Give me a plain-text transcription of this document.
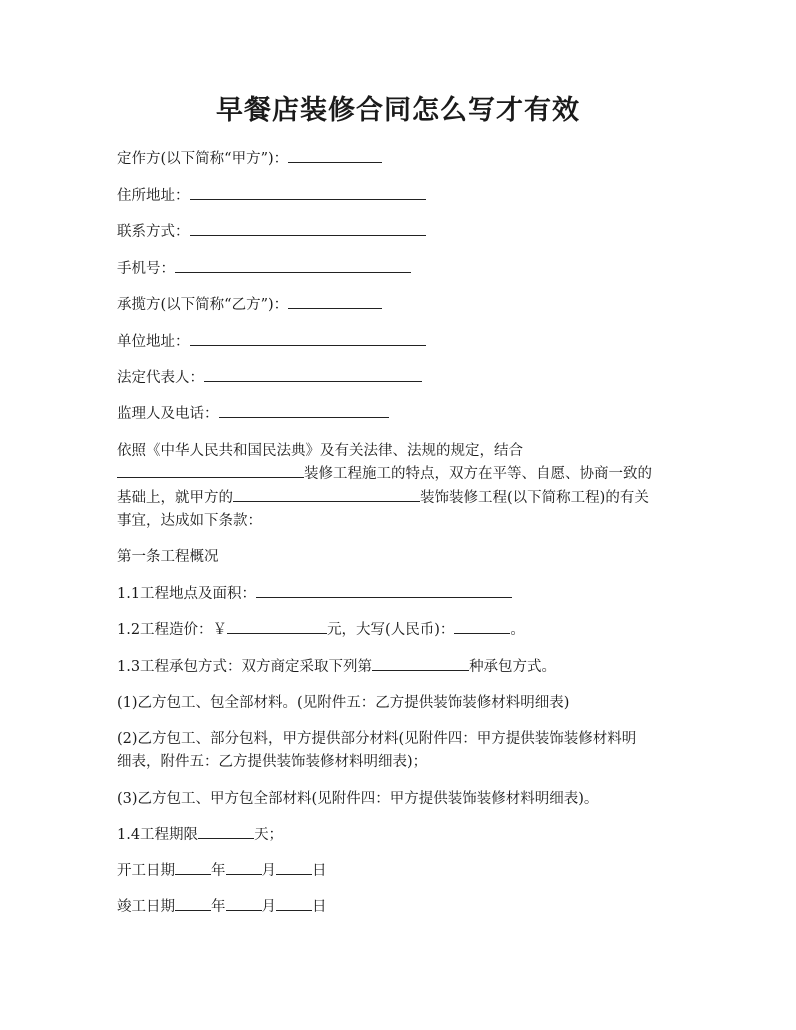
早餐店装修合同怎么写才有效

定作方(以下简称“甲方”)：

住所地址：

联系方式：

手机号：

承揽方(以下简称“乙方”)：

单位地址：

法定代表人：

监理人及电话：

依照《中华人民共和国民法典》及有关法律、法规的规定，结合

装修工程施工的特点，双方在平等、自愿、协商一致的

基础上，就甲方的	装饰装修工程(以下简称工程)的有关

事宜，达成如下条款：

第一条工程概况

1.1工程地点及面积：

1.2工程造价：￥	元，大写(人民币)：	。

1.3工程承包方式：双方商定采取下列第	种承包方式。

(1)乙方包工、包全部材料。(见附件五：乙方提供装饰装修材料明细表)

(2)乙方包工、部分包料，甲方提供部分材料(见附件四：甲方提供装饰装修材料明

细表，附件五：乙方提供装饰装修材料明细表)；

(3)乙方包工、甲方包全部材料(见附件四：甲方提供装饰装修材料明细表)。

1.4工程期限	天；

开工日期 年 月 日

竣工日期 年 月 日
